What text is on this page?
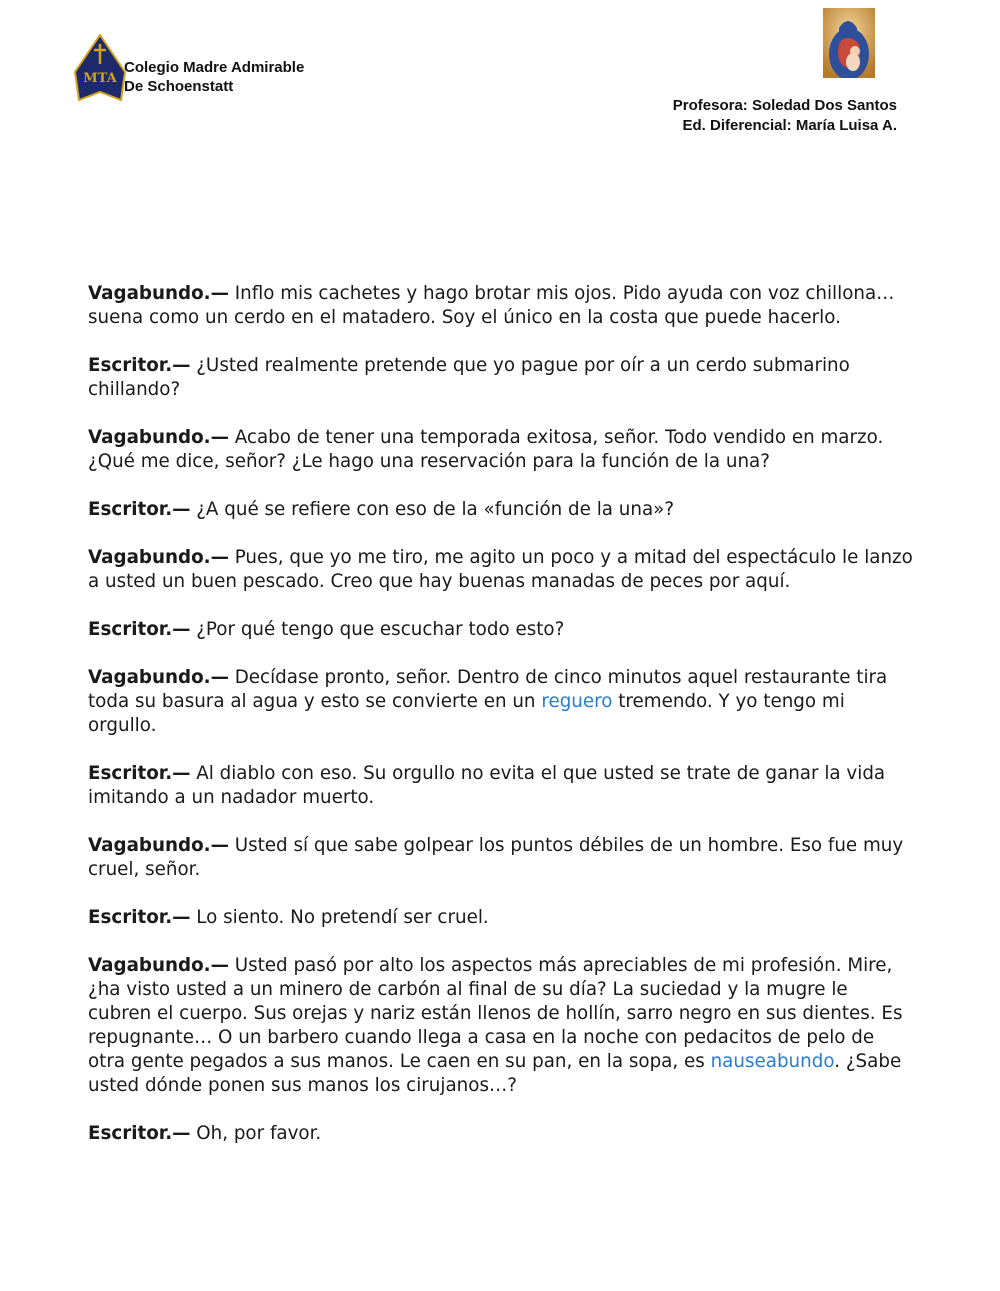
MTA
Colegio Madre Admirable
De Schoenstatt
Profesora: Soledad Dos Santos
Ed. Diferencial: María Luisa A.

Vagabundo.— Inflo mis cachetes y hago brotar mis ojos. Pido ayuda con voz chillona… suena como un cerdo en el matadero. Soy el único en la costa que puede hacerlo.

Escritor.— ¿Usted realmente pretende que yo pague por oír a un cerdo submarino chillando?

Vagabundo.— Acabo de tener una temporada exitosa, señor. Todo vendido en marzo. ¿Qué me dice, señor? ¿Le hago una reservación para la función de la una?

Escritor.— ¿A qué se refiere con eso de la «función de la una»?

Vagabundo.— Pues, que yo me tiro, me agito un poco y a mitad del espectáculo le lanzo a usted un buen pescado. Creo que hay buenas manadas de peces por aquí.

Escritor.— ¿Por qué tengo que escuchar todo esto?

Vagabundo.— Decídase pronto, señor. Dentro de cinco minutos aquel restaurante tira toda su basura al agua y esto se convierte en un reguero tremendo. Y yo tengo mi orgullo.

Escritor.— Al diablo con eso. Su orgullo no evita el que usted se trate de ganar la vida imitando a un nadador muerto.

Vagabundo.— Usted sí que sabe golpear los puntos débiles de un hombre. Eso fue muy cruel, señor.

Escritor.— Lo siento. No pretendí ser cruel.

Vagabundo.— Usted pasó por alto los aspectos más apreciables de mi profesión. Mire, ¿ha visto usted a un minero de carbón al final de su día? La suciedad y la mugre le cubren el cuerpo. Sus orejas y nariz están llenos de hollín, sarro negro en sus dientes. Es repugnante… O un barbero cuando llega a casa en la noche con pedacitos de pelo de otra gente pegados a sus manos. Le caen en su pan, en la sopa, es nauseabundo. ¿Sabe usted dónde ponen sus manos los cirujanos…?

Escritor.— Oh, por favor.
